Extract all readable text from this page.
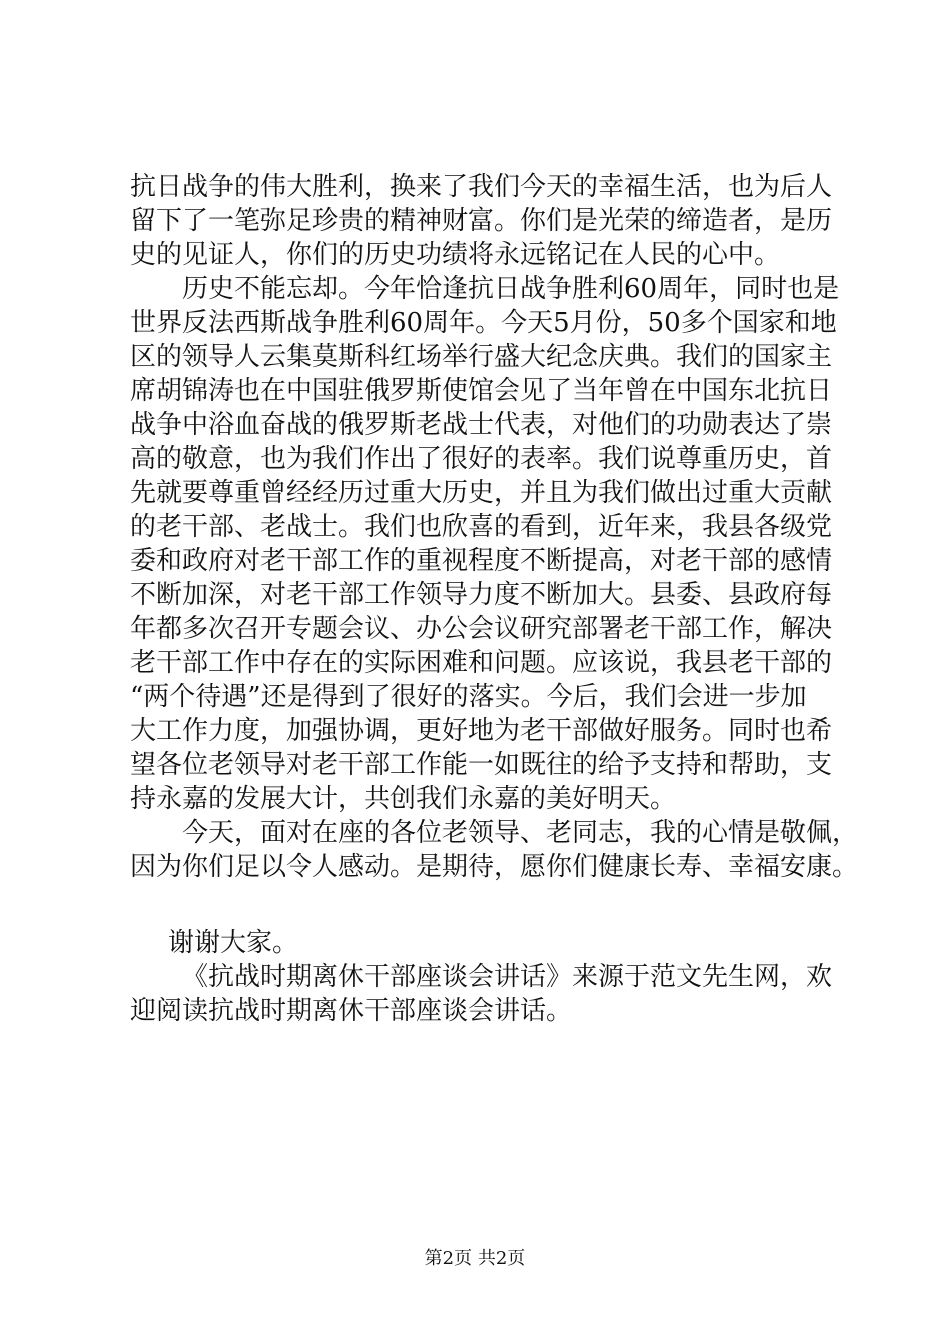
抗日战争的伟大胜利，换来了我们今天的幸福生活，也为后人
留下了一笔弥足珍贵的精神财富。你们是光荣的缔造者，是历
史的见证人，你们的历史功绩将永远铭记在人民的心中。
历史不能忘却。今年恰逢抗日战争胜利60周年，同时也是
世界反法西斯战争胜利60周年。今天5月份，50多个国家和地
区的领导人云集莫斯科红场举行盛大纪念庆典。我们的国家主
席胡锦涛也在中国驻俄罗斯使馆会见了当年曾在中国东北抗日
战争中浴血奋战的俄罗斯老战士代表，对他们的功勋表达了崇
高的敬意，也为我们作出了很好的表率。我们说尊重历史，首
先就要尊重曾经经历过重大历史，并且为我们做出过重大贡献
的老干部、老战士。我们也欣喜的看到，近年来，我县各级党
委和政府对老干部工作的重视程度不断提高，对老干部的感情
不断加深，对老干部工作领导力度不断加大。县委、县政府每
年都多次召开专题会议、办公会议研究部署老干部工作，解决
老干部工作中存在的实际困难和问题。应该说，我县老干部的
“两个待遇”还是得到了很好的落实。今后，我们会进一步加
大工作力度，加强协调，更好地为老干部做好服务。同时也希
望各位老领导对老干部工作能一如既往的给予支持和帮助，支
持永嘉的发展大计，共创我们永嘉的美好明天。
今天，面对在座的各位老领导、老同志，我的心情是敬佩，
因为你们足以令人感动。是期待，愿你们健康长寿、幸福安康。
谢谢大家。
《抗战时期离休干部座谈会讲话》来源于范文先生网，欢
迎阅读抗战时期离休干部座谈会讲话。
第2页 共2页
